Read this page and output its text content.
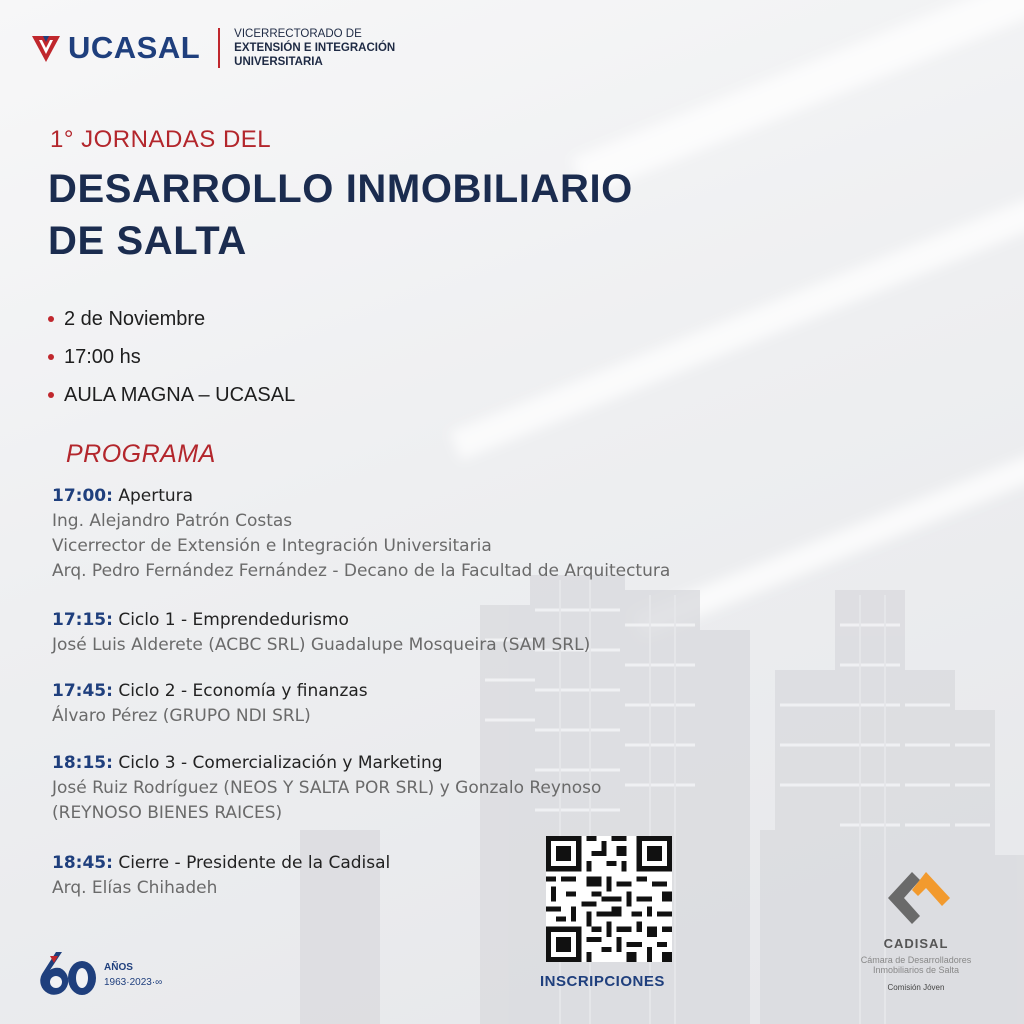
UCASAL	VICERRECTORADO DE
EXTENSIÓN E INTEGRACIÓN
UNIVERSITARIA
1° JORNADAS DEL
DESARROLLO INMOBILIARIO
DE SALTA
2 de Noviembre
17:00 hs
AULA MAGNA – UCASAL
PROGRAMA
17:00: Apertura
Ing. Alejandro Patrón Costas
Vicerrector de Extensión e Integración Universitaria
Arq. Pedro Fernández Fernández - Decano de la Facultad de Arquitectura
17:15: Ciclo 1 - Emprendedurismo
José Luis Alderete (ACBC SRL) Guadalupe Mosqueira (SAM SRL)
17:45: Ciclo 2 - Economía y finanzas
Álvaro Pérez (GRUPO NDI SRL)
18:15: Ciclo 3 - Comercialización y Marketing
José Ruiz Rodríguez (NEOS Y SALTA POR SRL) y Gonzalo Reynoso
(REYNOSO BIENES RAICES)
18:45: Cierre - Presidente de la Cadisal
Arq. Elías Chihadeh
INSCRIPCIONES
AÑOS
1963·2023·∞
CADISAL
Cámara de Desarrolladores
Inmobiliarios de Salta
Comisión Jóven
